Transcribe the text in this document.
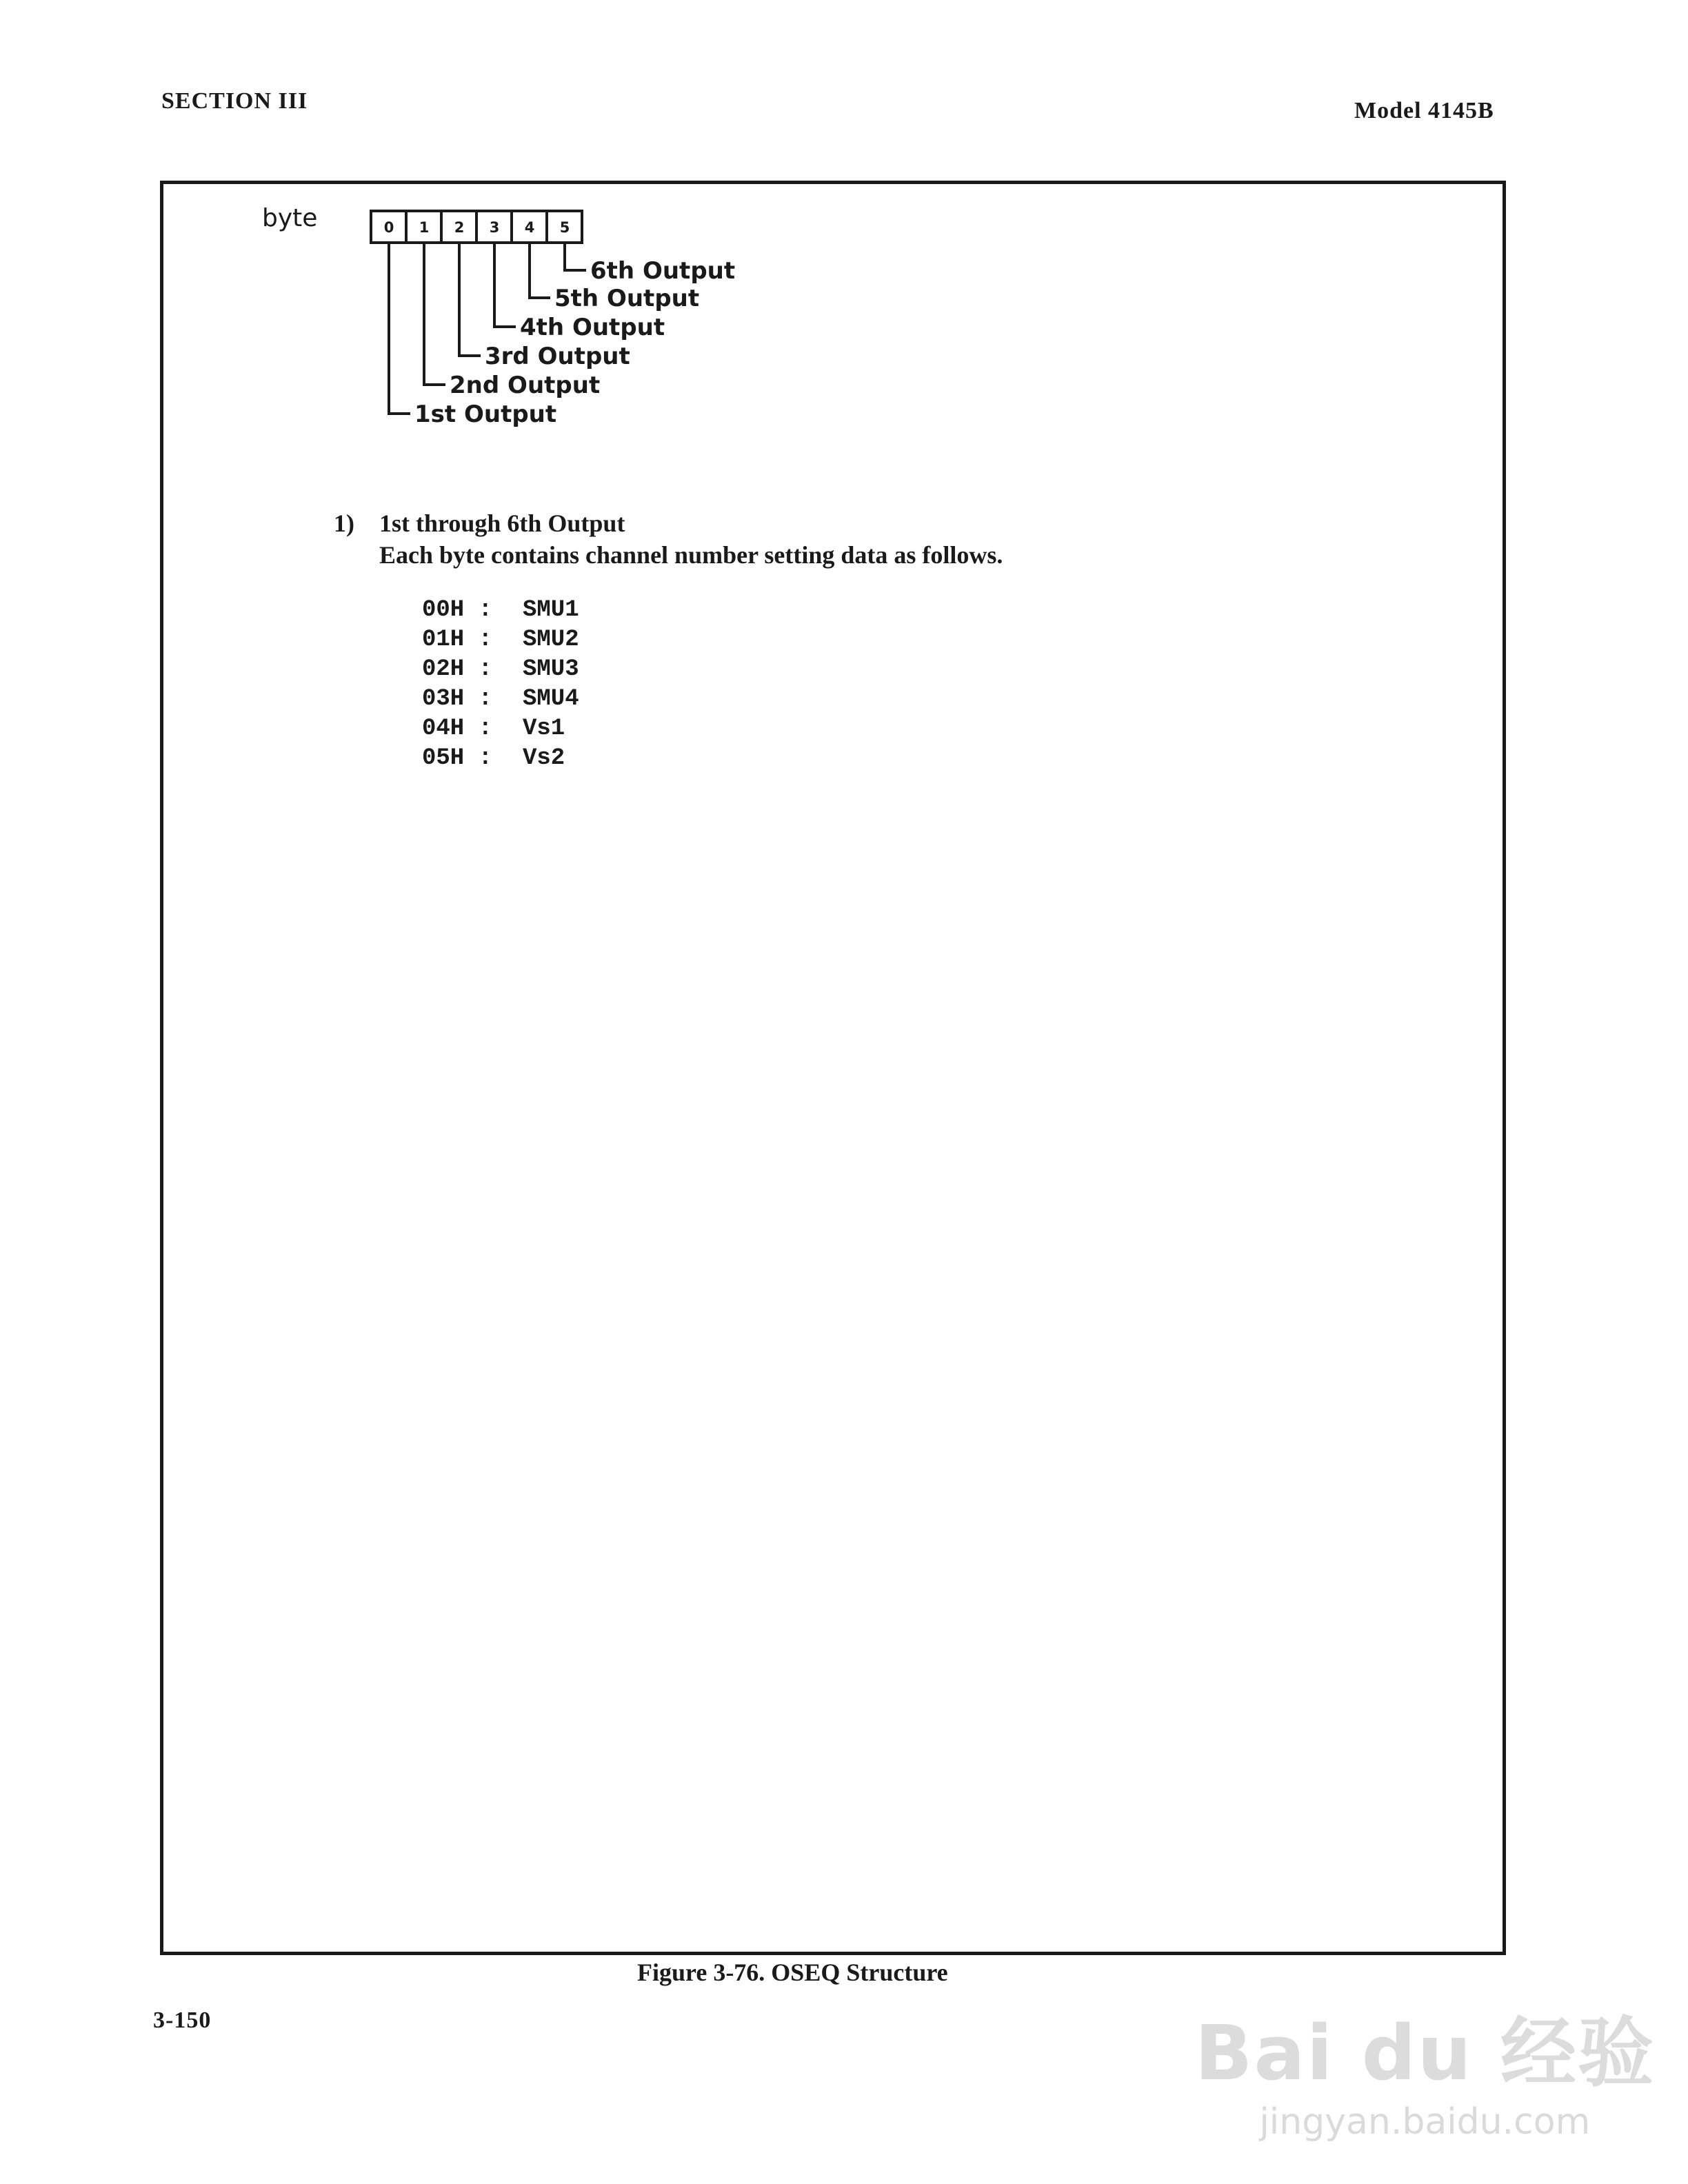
SECTION III	Model 4145B
byte	0 1 2 3 4 5
6th Output
5th Output
4th Output
3rd Output
2nd Output
1st Output
1) 1st through 6th Output
Each byte contains channel number setting data as follows.
00H : SMU1
01H : SMU2
02H : SMU3
03H : SMU4
04H : Vs1
05H : Vs2
Figure 3-76. OSEQ Structure
3-150	Bai du 经验
jingyan.baidu.com
